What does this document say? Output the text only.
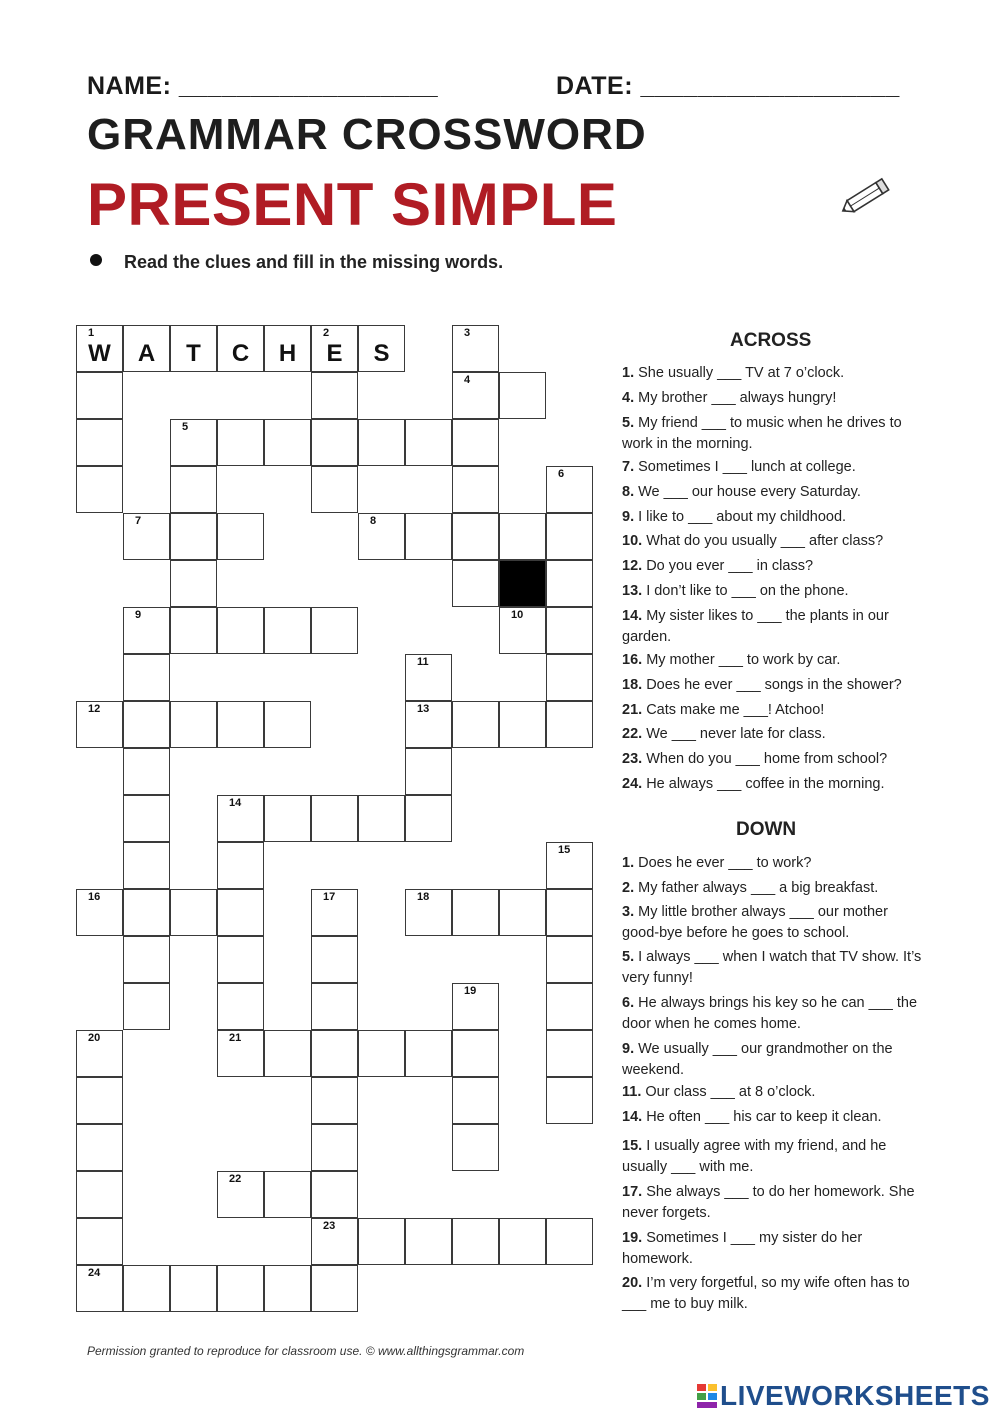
NAME: __________________	DATE: __________________
GRAMMAR CROSSWORD
PRESENT SIMPLE
Read the clues and fill in the missing words.
1
W	A	T	C	H
2
E	S
3
4
5
6
7	8
9	10
11
12	13
14
15
16	17	18
19
20	21
22
23
24
ACROSS
1. She usually ___ TV at 7 o’clock.
4. My brother ___ always hungry!
5. My friend ___ to music when he drives to work in the morning.
7. Sometimes I ___ lunch at college.
8. We ___ our house every Saturday.
9. I like to ___ about my childhood.
10. What do you usually ___ after class?
12. Do you ever ___ in class?
13. I don’t like to ___ on the phone.
14. My sister likes to ___ the plants in our garden.
16. My mother ___ to work by car.
18. Does he ever ___ songs in the shower?
21. Cats make me ___! Atchoo!
22. We ___ never late for class.
23. When do you ___ home from school?
24. He always ___ coffee in the morning.
DOWN
1. Does he ever ___ to work?
2. My father always ___ a big breakfast.
3. My little brother always ___ our mother good-bye before he goes to school.
5. I always ___ when I watch that TV show. It’s very funny!
6. He always brings his key so he can ___ the door when he comes home.
9. We usually ___ our grandmother on the weekend.
11. Our class ___ at 8 o’clock.
14. He often ___ his car to keep it clean.
15. I usually agree with my friend, and he usually ___ with me.
17. She always ___ to do her homework. She never forgets.
19. Sometimes I ___ my sister do her homework.
20. I’m very forgetful, so my wife often has to ___ me to buy milk.
Permission granted to reproduce for classroom use. © www.allthingsgrammar.com
LIVEWORKSHEETS
